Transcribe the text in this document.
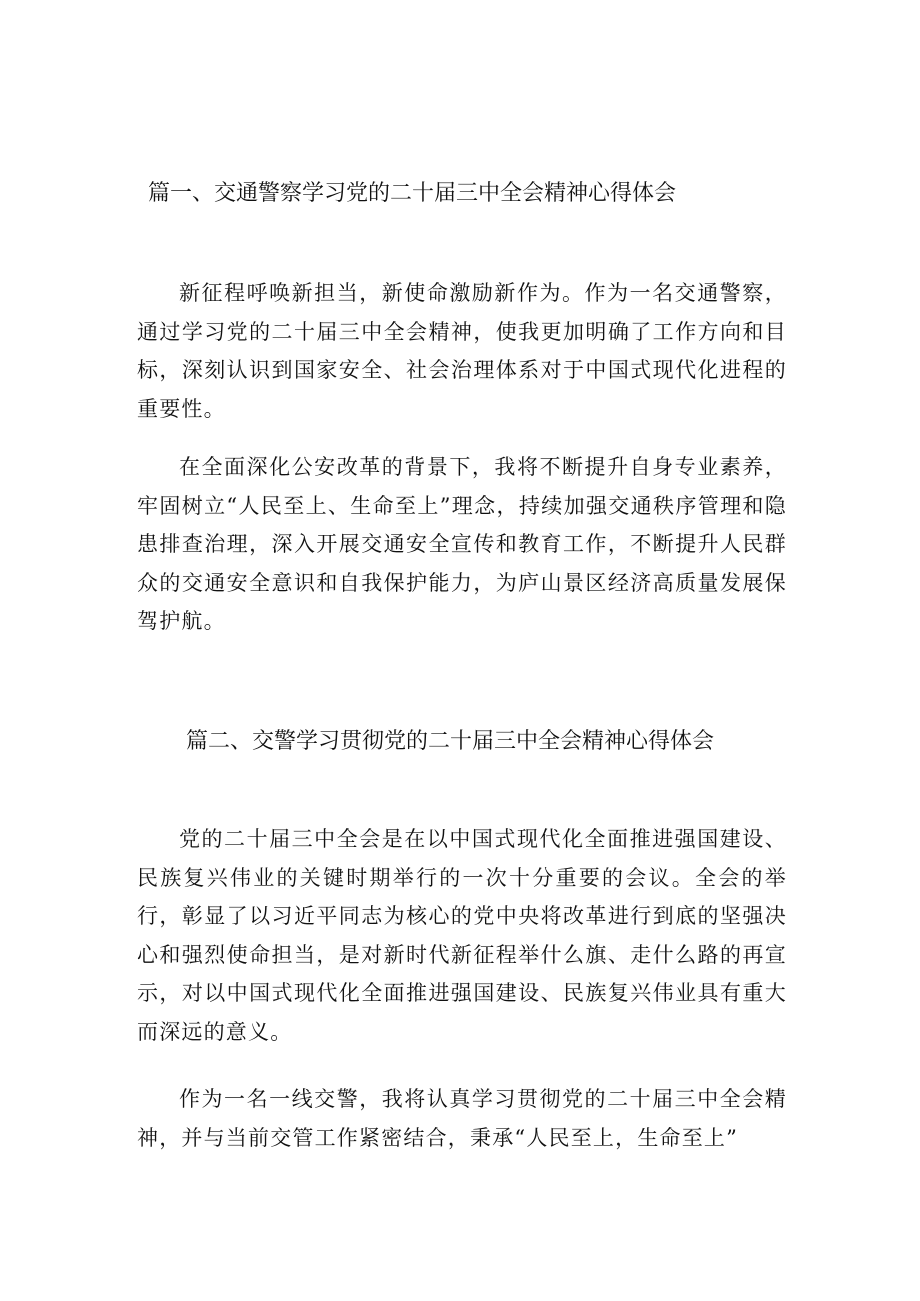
篇一、交通警察学习党的二十届三中全会精神心得体会

新征程呼唤新担当，新使命激励新作为。作为一名交通警察，通过学习党的二十届三中全会精神，使我更加明确了工作方向和目标，深刻认识到国家安全、社会治理体系对于中国式现代化进程的重要性。

在全面深化公安改革的背景下，我将不断提升自身专业素养，牢固树立“人民至上、生命至上”理念，持续加强交通秩序管理和隐患排查治理，深入开展交通安全宣传和教育工作，不断提升人民群众的交通安全意识和自我保护能力，为庐山景区经济高质量发展保驾护航。

篇二、交警学习贯彻党的二十届三中全会精神心得体会

党的二十届三中全会是在以中国式现代化全面推进强国建设、民族复兴伟业的关键时期举行的一次十分重要的会议。全会的举行，彰显了以习近平同志为核心的党中央将改革进行到底的坚强决心和强烈使命担当，是对新时代新征程举什么旗、走什么路的再宣示，对以中国式现代化全面推进强国建设、民族复兴伟业具有重大而深远的意义。

作为一名一线交警，我将认真学习贯彻党的二十届三中全会精神，并与当前交管工作紧密结合，秉承“人民至上，生命至上”
